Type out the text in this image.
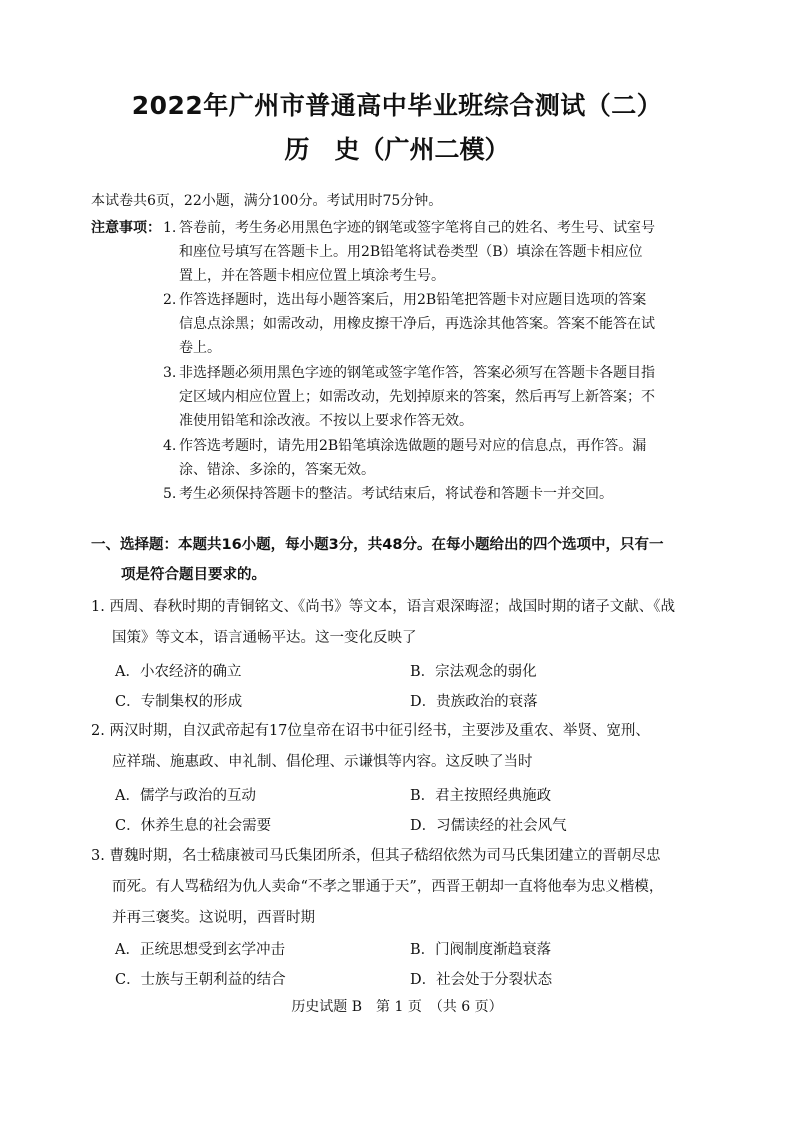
2022年广州市普通高中毕业班综合测试（二）
历　史（广州二模）
本试卷共6页，22小题，满分100分。考试用时75分钟。
注意事项： 1. 答卷前，考生务必用黑色字迹的钢笔或签字笔将自己的姓名、考生号、试室号
和座位号填写在答题卡上。用2B铅笔将试卷类型（B）填涂在答题卡相应位
置上，并在答题卡相应位置上填涂考生号。
2. 作答选择题时，选出每小题答案后，用2B铅笔把答题卡对应题目选项的答案
信息点涂黑；如需改动，用橡皮擦干净后，再选涂其他答案。答案不能答在试
卷上。
3. 非选择题必须用黑色字迹的钢笔或签字笔作答，答案必须写在答题卡各题目指
定区域内相应位置上；如需改动，先划掉原来的答案，然后再写上新答案；不
准使用铅笔和涂改液。不按以上要求作答无效。
4. 作答选考题时，请先用2B铅笔填涂选做题的题号对应的信息点，再作答。漏
涂、错涂、多涂的，答案无效。
5. 考生必须保持答题卡的整洁。考试结束后，将试卷和答题卡一并交回。
一、选择题：本题共16小题，每小题3分，共48分。在每小题给出的四个选项中，只有一
项是符合题目要求的。
1. 西周、春秋时期的青铜铭文、《尚书》等文本，语言艰深晦涩；战国时期的诸子文献、《战
国策》等文本，语言通畅平达。这一变化反映了
A．小农经济的确立	B．宗法观念的弱化
C．专制集权的形成	D．贵族政治的衰落
2. 两汉时期，自汉武帝起有17位皇帝在诏书中征引经书，主要涉及重农、举贤、宽刑、
应祥瑞、施惠政、申礼制、倡伦理、示谦惧等内容。这反映了当时
A．儒学与政治的互动	B．君主按照经典施政
C．休养生息的社会需要	D．习儒读经的社会风气
3. 曹魏时期，名士嵇康被司马氏集团所杀，但其子嵇绍依然为司马氏集团建立的晋朝尽忠
而死。有人骂嵇绍为仇人卖命“不孝之罪通于天”，西晋王朝却一直将他奉为忠义楷模，
并再三褒奖。这说明，西晋时期
A．正统思想受到玄学冲击	B．门阀制度渐趋衰落
C．士族与王朝利益的结合	D．社会处于分裂状态
历史试题 B　第 1 页　（共 6 页）
